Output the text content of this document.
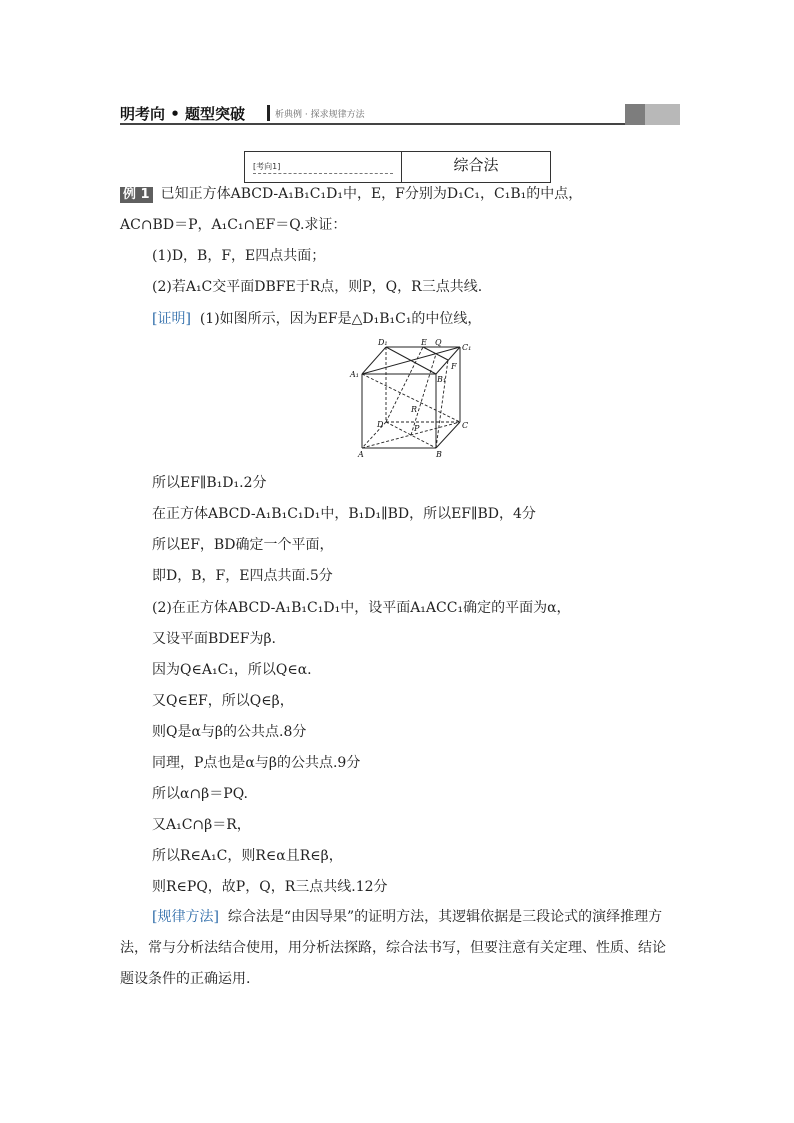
明考向 • 题型突破	析典例 · 探求规律方法
[考向1]	综合法
例 1 已知正方体ABCD-A₁B₁C₁D₁中，E，F分别为D₁C₁，C₁B₁的中点，
AC∩BD＝P，A₁C₁∩EF＝Q.求证：
(1)D，B，F，E四点共面；
(2)若A₁C交平面DBFE于R点，则P，Q，R三点共线.
[证明] (1)如图所示，因为EF是△D₁B₁C₁的中位线，
D₁	E Q
C₁
A₁
B₁
F
R
D	P	C
A	B
所以EF∥B₁D₁.2分
在正方体ABCD-A₁B₁C₁D₁中，B₁D₁∥BD，所以EF∥BD，4分
所以EF，BD确定一个平面，
即D，B，F，E四点共面.5分
(2)在正方体ABCD-A₁B₁C₁D₁中，设平面A₁ACC₁确定的平面为α，
又设平面BDEF为β.
因为Q∈A₁C₁，所以Q∈α.
又Q∈EF，所以Q∈β，
则Q是α与β的公共点.8分
同理，P点也是α与β的公共点.9分
所以α∩β＝PQ.
又A₁C∩β＝R，
所以R∈A₁C，则R∈α且R∈β，
则R∈PQ，故P，Q，R三点共线.12分
[规律方法] 综合法是“由因导果”的证明方法，其逻辑依据是三段论式的演绎推理方法，常与分析法结合使用，用分析法探路，综合法书写，但要注意有关定理、性质、结论题设条件的正确运用.
